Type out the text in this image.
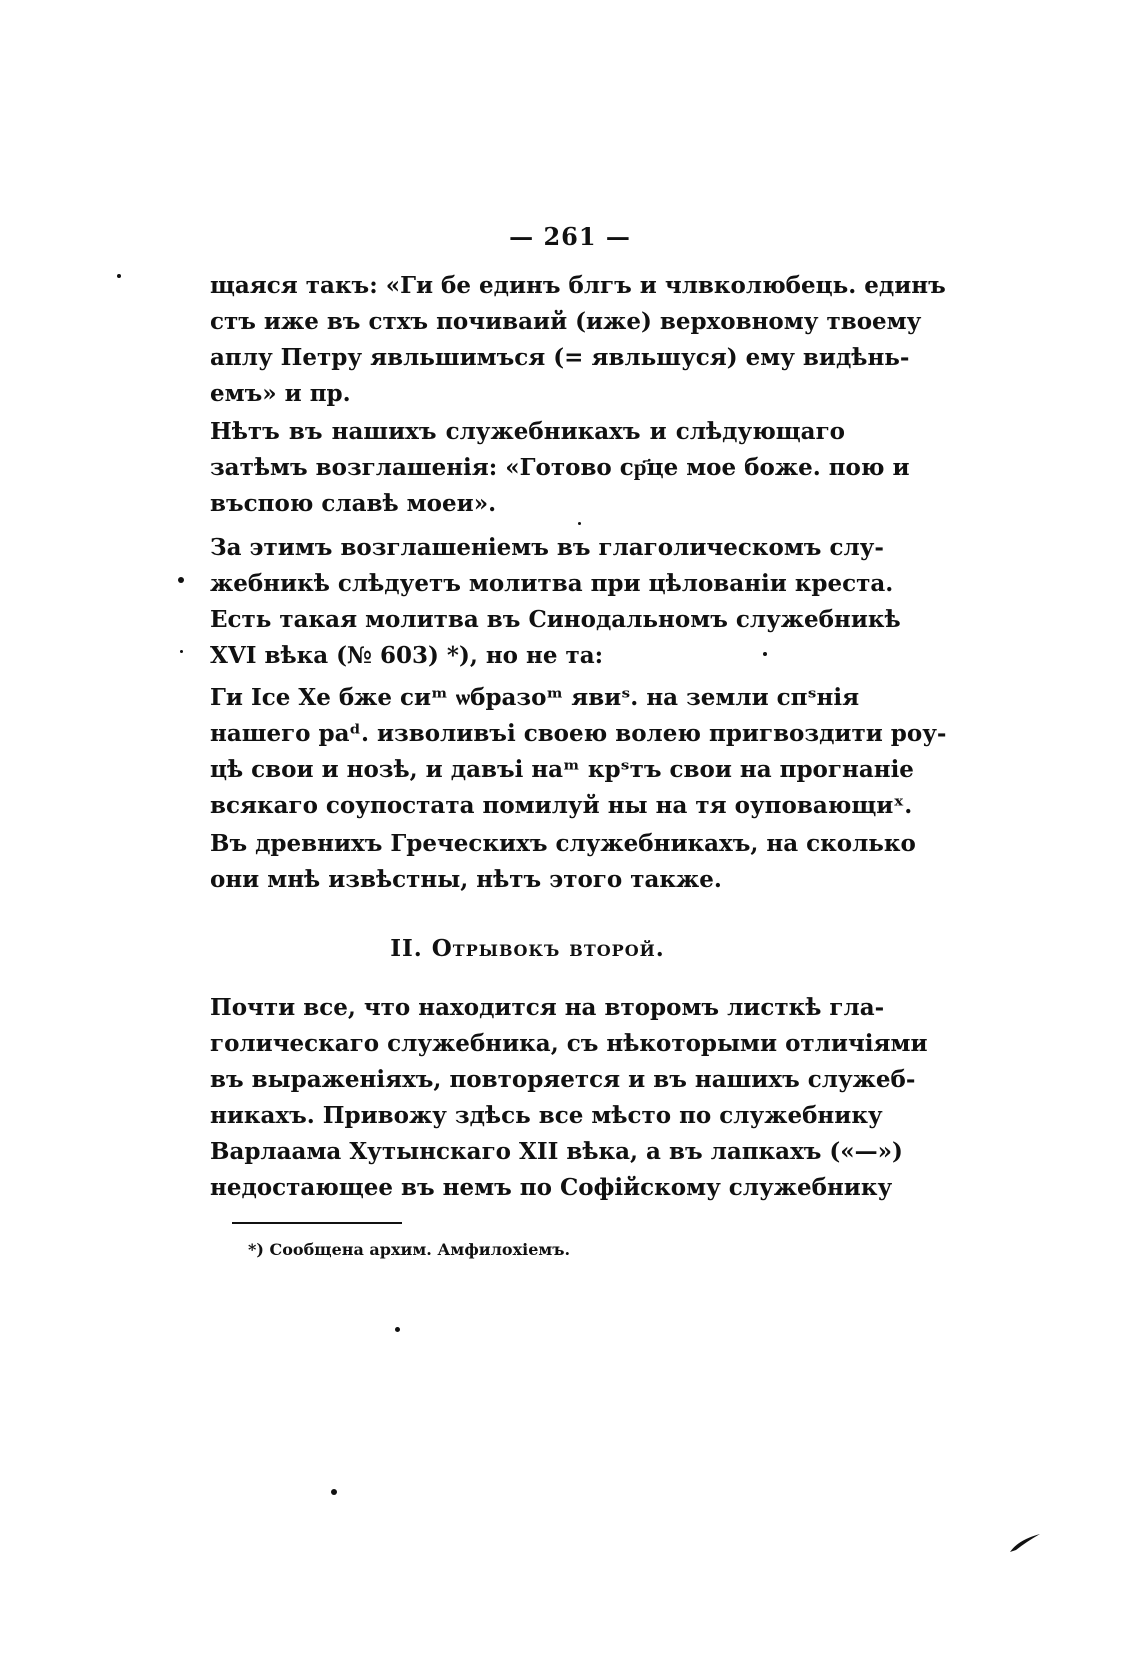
— 261 —
щаяся такъ: «Ги бе единъ блгъ и члвколюбець. единъ
стъ иже въ стхъ почиваий (иже) верховному твоему
аплу Петру явльшимъся (= явльшуся) ему видѣнь-
емъ» и пр.
Нѣтъ въ нашихъ служебникахъ и слѣдующаго
затѣмъ возглашенія: «Готово ср҃це мое боже. пою и
въспою славѣ моеи».
За этимъ возглашеніемъ въ глаголическомъ слу-
жебникѣ слѣдуетъ молитва при цѣлованіи креста.
Есть такая молитва въ Синодальномъ служебникѣ
XVI вѣка (№ 603) *), но не та:
Ги Ісе Хе бже сиᵐ ѡбразоᵐ явиˢ. на земли спˢнія
нашего раᵈ. изволивъі своею волею пригвоздити роу-
цѣ свои и нозѣ, и давъі наᵐ крˢтъ свои на прогнаніе
всякаго соупостата помилуй ны на тя оуповающиˣ.
Въ древнихъ Греческихъ служебникахъ, на сколько
они мнѣ извѣстны, нѣтъ этого также.
II. Отрывокъ второй.
Почти все, что находится на второмъ листкѣ гла-
голическаго служебника, съ нѣкоторыми отличіями
въ выраженіяхъ, повторяется и въ нашихъ служеб-
никахъ. Привожу здѣсь все мѣсто по служебнику
Варлаама Хутынскаго XII вѣка, а въ лапкахъ («—»)
недостающее въ немъ по Софійскому служебнику
*) Сообщена архим. Амфилохіемъ.
